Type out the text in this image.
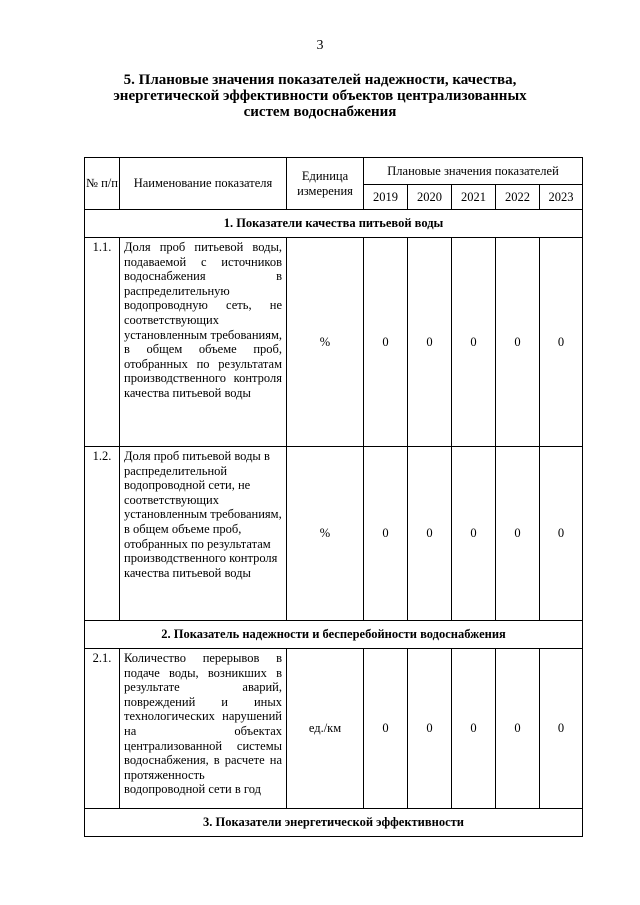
3
5. Плановые значения показателей надежности, качества,
энергетической эффективности объектов централизованных
систем водоснабжения
№ п/п	Наименование показателя	Единица измерения	Плановые значения показателей				
			2019	2020	2021	2022	2023
1. Показатели качества питьевой воды							
1.1.	Доля проб питьевой воды, подаваемой с источников водоснабжения в распределительную водопроводную сеть, не соответствующих установленным требованиям, в общем объеме проб, отобранных по результатам производственного контроля качества питьевой воды	%	0	0	0	0	0
1.2.	Доля проб питьевой воды в распределительной водопроводной сети, не соответствующих установленным требованиям, в общем объеме проб, отобранных по результатам производственного контроля качества питьевой воды	%	0	0	0	0	0
2. Показатель надежности и бесперебойности водоснабжения							
2.1.	Количество перерывов в подаче воды, возникших в результате аварий, повреждений и иных технологических нарушений на объектах централизованной системы водоснабжения, в расчете на протяженность водопроводной сети в год	ед./км	0	0	0	0	0
3. Показатели энергетической эффективности							
